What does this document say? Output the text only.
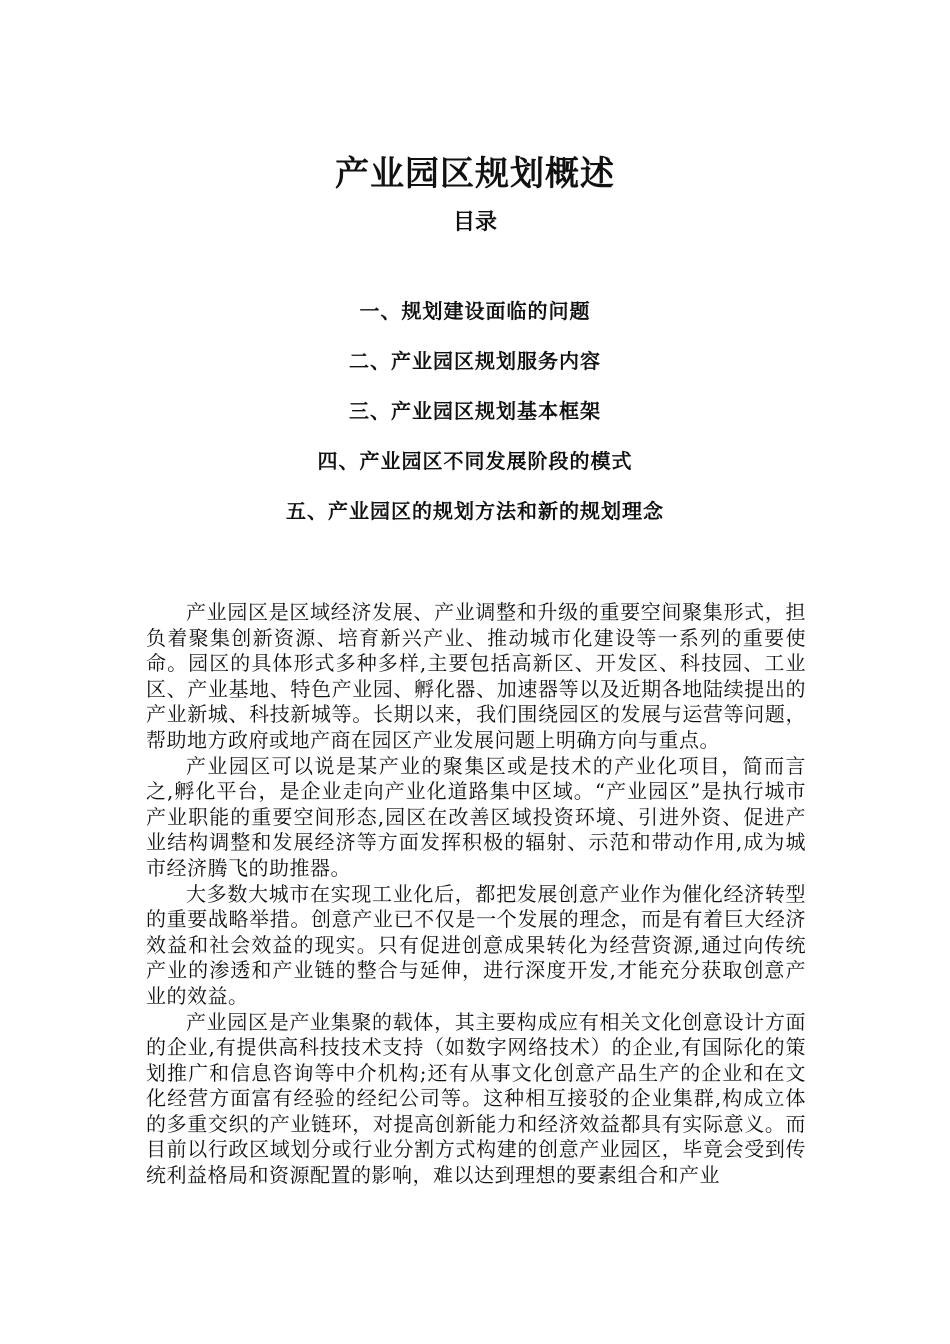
产业园区规划概述
目录
一、规划建设面临的问题
二、产业园区规划服务内容
三、产业园区规划基本框架
四、产业园区不同发展阶段的模式
五、产业园区的规划方法和新的规划理念

产业园区是区域经济发展、产业调整和升级的重要空间聚集形式，担负着聚集创新资源、培育新兴产业、推动城市化建设等一系列的重要使命。园区的具体形式多种多样,主要包括高新区、开发区、科技园、工业区、产业基地、特色产业园、孵化器、加速器等以及近期各地陆续提出的产业新城、科技新城等。长期以来，我们围绕园区的发展与运营等问题，帮助地方政府或地产商在园区产业发展问题上明确方向与重点。

产业园区可以说是某产业的聚集区或是技术的产业化项目，简而言之,孵化平台，是企业走向产业化道路集中区域。“产业园区”是执行城市产业职能的重要空间形态,园区在改善区域投资环境、引进外资、促进产业结构调整和发展经济等方面发挥积极的辐射、示范和带动作用,成为城市经济腾飞的助推器。

大多数大城市在实现工业化后，都把发展创意产业作为催化经济转型的重要战略举措。创意产业已不仅是一个发展的理念，而是有着巨大经济效益和社会效益的现实。只有促进创意成果转化为经营资源,通过向传统产业的渗透和产业链的整合与延伸，进行深度开发,才能充分获取创意产业的效益。

产业园区是产业集聚的载体，其主要构成应有相关文化创意设计方面的企业,有提供高科技技术支持（如数字网络技术）的企业,有国际化的策划推广和信息咨询等中介机构;还有从事文化创意产品生产的企业和在文化经营方面富有经验的经纪公司等。这种相互接驳的企业集群,构成立体的多重交织的产业链环，对提高创新能力和经济效益都具有实际意义。而目前以行政区域划分或行业分割方式构建的创意产业园区，毕竟会受到传统利益格局和资源配置的影响，难以达到理想的要素组合和产业
